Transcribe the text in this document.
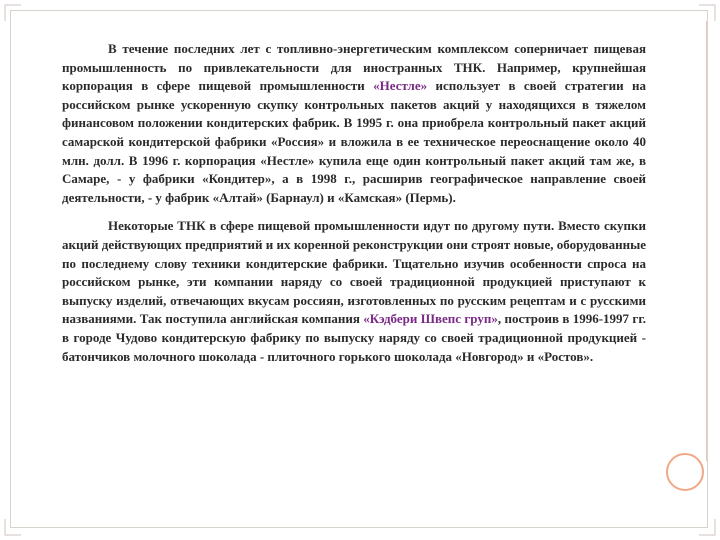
В течение последних лет с топливно-энергетическим комплексом соперничает пищевая промышленность по привлекательности для иностранных ТНК. Например, крупнейшая корпорация в сфере пищевой промышленности «Нестле» использует в своей стратегии на российском рынке ускоренную скупку контрольных пакетов акций у находящихся в тяжелом финансовом положении кондитерских фабрик. В 1995 г. она приобрела контрольный пакет акций самарской кондитерской фабрики «Россия» и вложила в ее техническое переоснащение около 40 млн. долл. В 1996 г. корпорация «Нестле» купила еще один контрольный пакет акций там же, в Самаре, - у фабрики «Кондитер», а в 1998 г., расширив географическое направление своей деятельности, - у фабрик «Алтай» (Барнаул) и «Камская» (Пермь).

Некоторые ТНК в сфере пищевой промышленности идут по другому пути. Вместо скупки акций действующих предприятий и их коренной реконструкции они строят новые, оборудованные по последнему слову техники кондитерские фабрики. Тщательно изучив особенности спроса на российском рынке, эти компании наряду со своей традиционной продукцией приступают к выпуску изделий, отвечающих вкусам россиян, изготовленных по русским рецептам и с русскими названиями. Так поступила английская компания «Кэдбери Швепс груп», построив в 1996-1997 гг. в городе Чудово кондитерскую фабрику по выпуску наряду со своей традиционной продукцией - батончиков молочного шоколада - плиточного горького шоколада «Новгород» и «Ростов».
